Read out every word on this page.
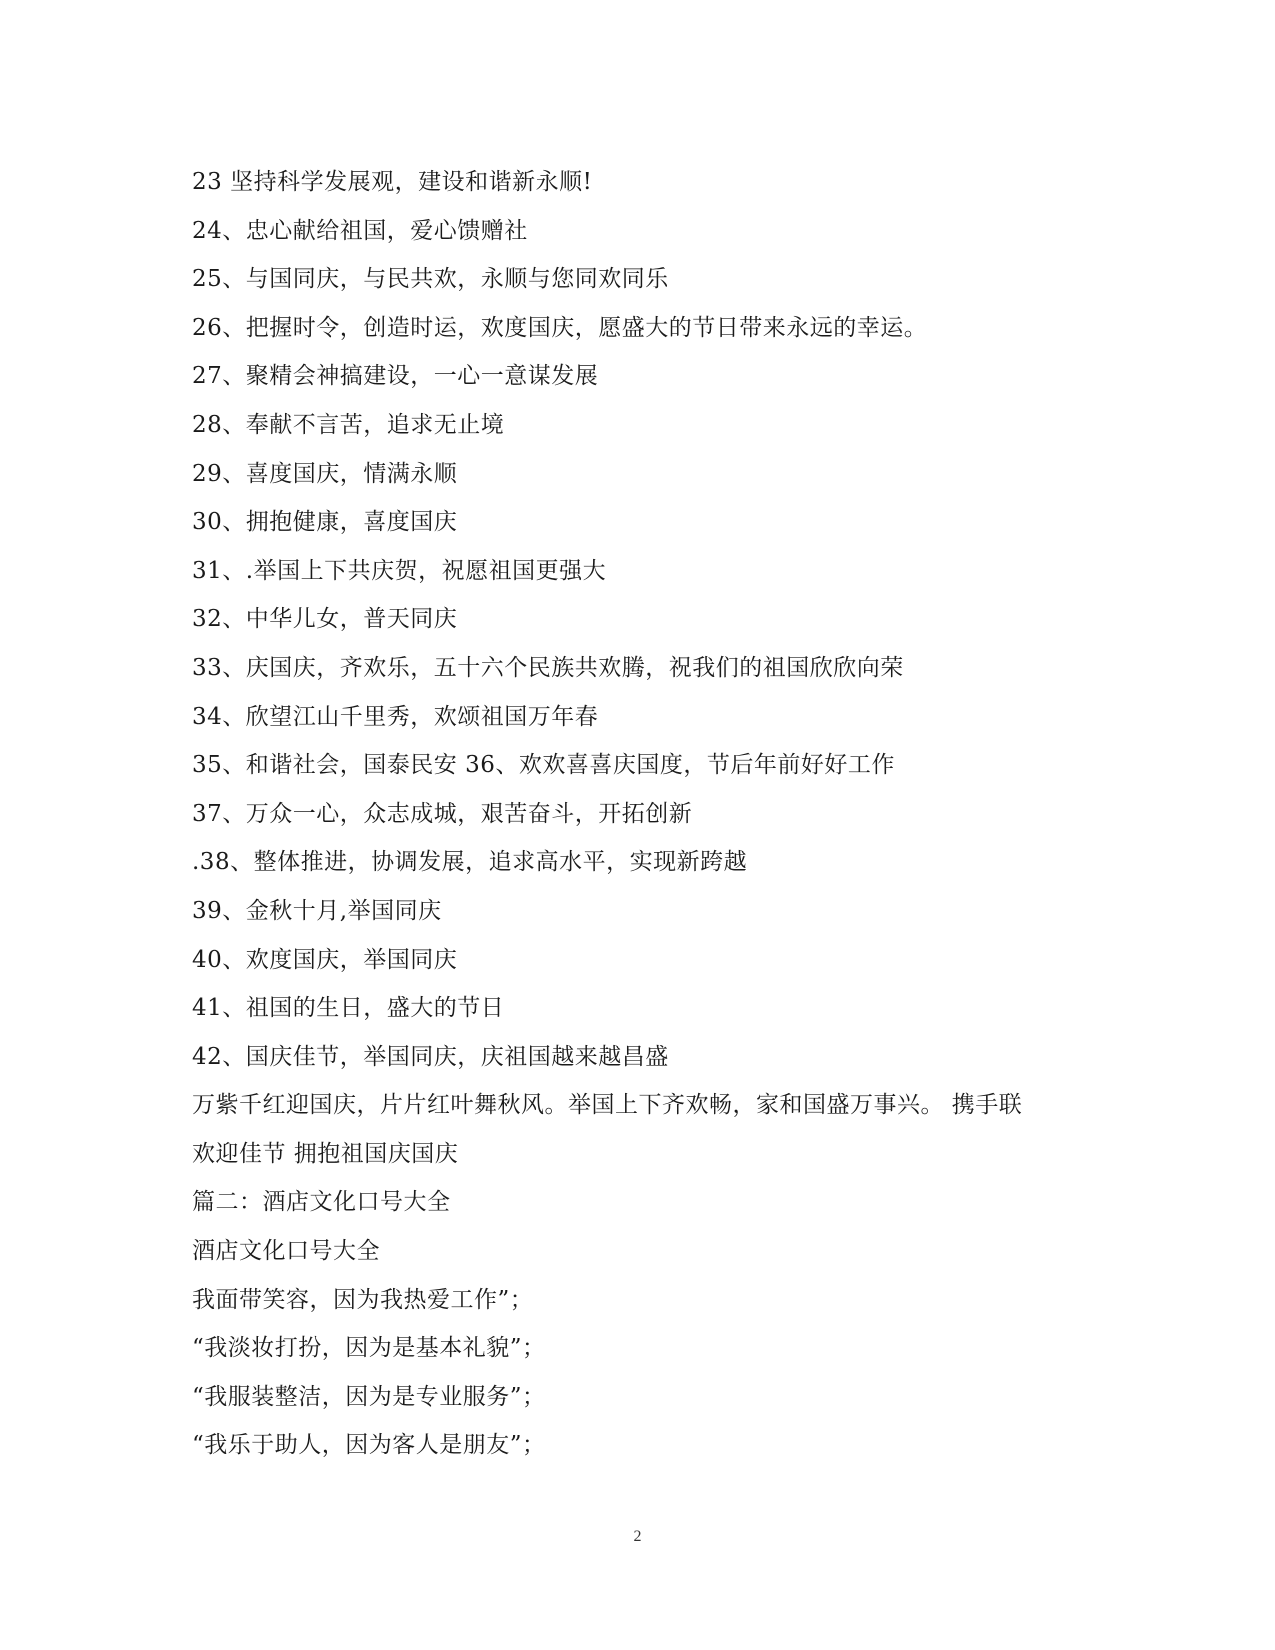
23 坚持科学发展观，建设和谐新永顺!
24、忠心献给祖国，爱心馈赠社
25、与国同庆，与民共欢，永顺与您同欢同乐
26、把握时令，创造时运，欢度国庆，愿盛大的节日带来永远的幸运。
27、聚精会神搞建设，一心一意谋发展
28、奉献不言苦，追求无止境
29、喜度国庆，情满永顺
30、拥抱健康，喜度国庆
31、.举国上下共庆贺，祝愿祖国更强大
32、中华儿女，普天同庆
33、庆国庆，齐欢乐，五十六个民族共欢腾，祝我们的祖国欣欣向荣
34、欣望江山千里秀，欢颂祖国万年春
35、和谐社会，国泰民安 36、欢欢喜喜庆国度，节后年前好好工作
37、万众一心，众志成城，艰苦奋斗，开拓创新
.38、整体推进，协调发展，追求高水平，实现新跨越
39、金秋十月,举国同庆
40、欢度国庆，举国同庆
41、祖国的生日，盛大的节日
42、国庆佳节，举国同庆，庆祖国越来越昌盛
万紫千红迎国庆，片片红叶舞秋风。举国上下齐欢畅，家和国盛万事兴。 携手联
欢迎佳节 拥抱祖国庆国庆
篇二：酒店文化口号大全
酒店文化口号大全
我面带笑容，因为我热爱工作”；
“我淡妆打扮，因为是基本礼貌”；
“我服装整洁，因为是专业服务”；
“我乐于助人，因为客人是朋友”；
2
